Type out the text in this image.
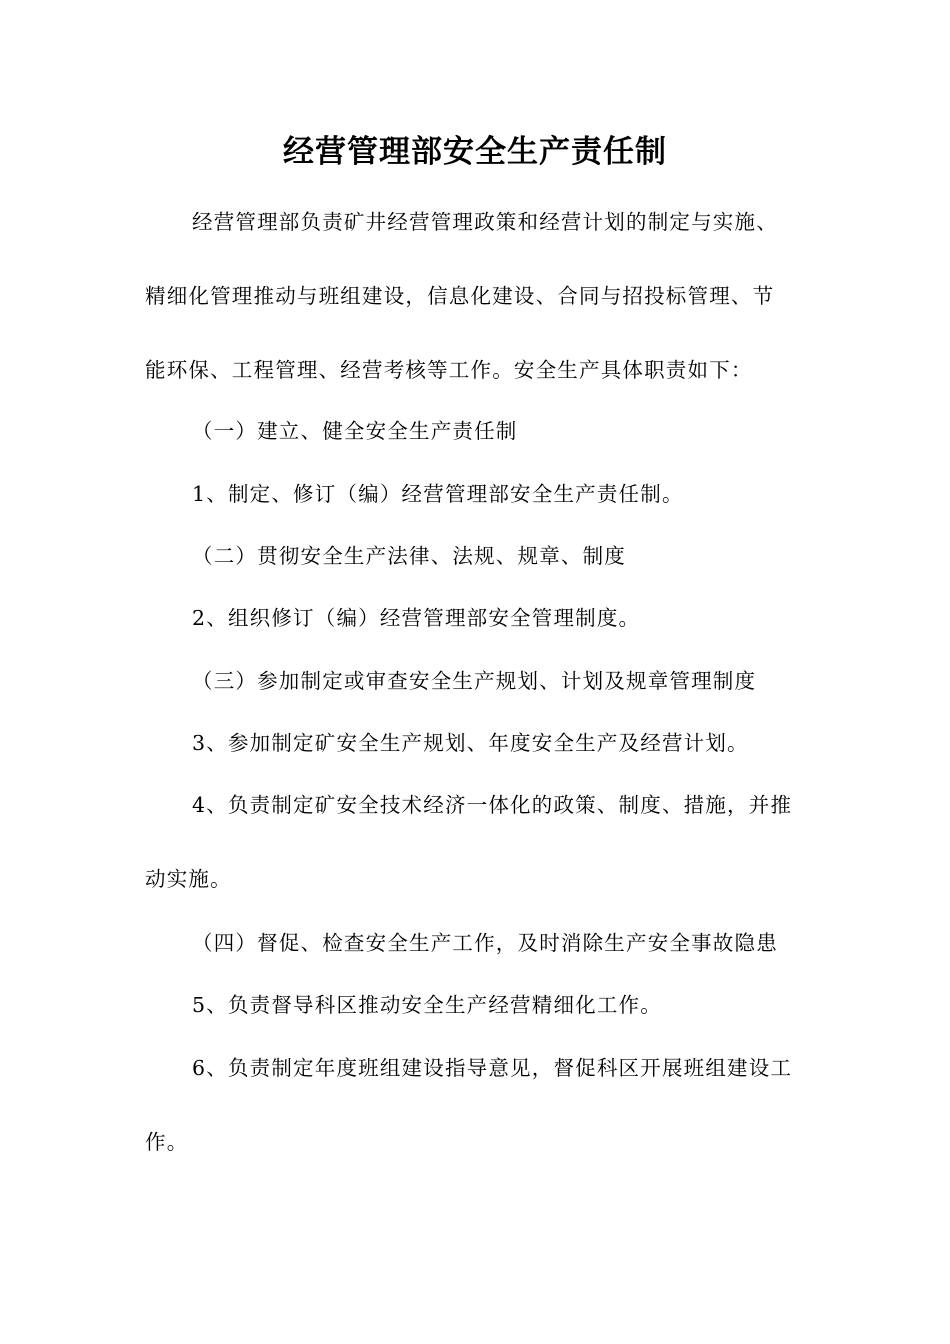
经营管理部安全生产责任制
经营管理部负责矿井经营管理政策和经营计划的制定与实施、
精细化管理推动与班组建设，信息化建设、合同与招投标管理、节
能环保、工程管理、经营考核等工作。安全生产具体职责如下：
（一）建立、健全安全生产责任制
1、制定、修订（编）经营管理部安全生产责任制。
（二）贯彻安全生产法律、法规、规章、制度
2、组织修订（编）经营管理部安全管理制度。
（三）参加制定或审查安全生产规划、计划及规章管理制度
3、参加制定矿安全生产规划、年度安全生产及经营计划。
4、负责制定矿安全技术经济一体化的政策、制度、措施，并推
动实施。
（四）督促、检查安全生产工作，及时消除生产安全事故隐患
5、负责督导科区推动安全生产经营精细化工作。
6、负责制定年度班组建设指导意见，督促科区开展班组建设工
作。
